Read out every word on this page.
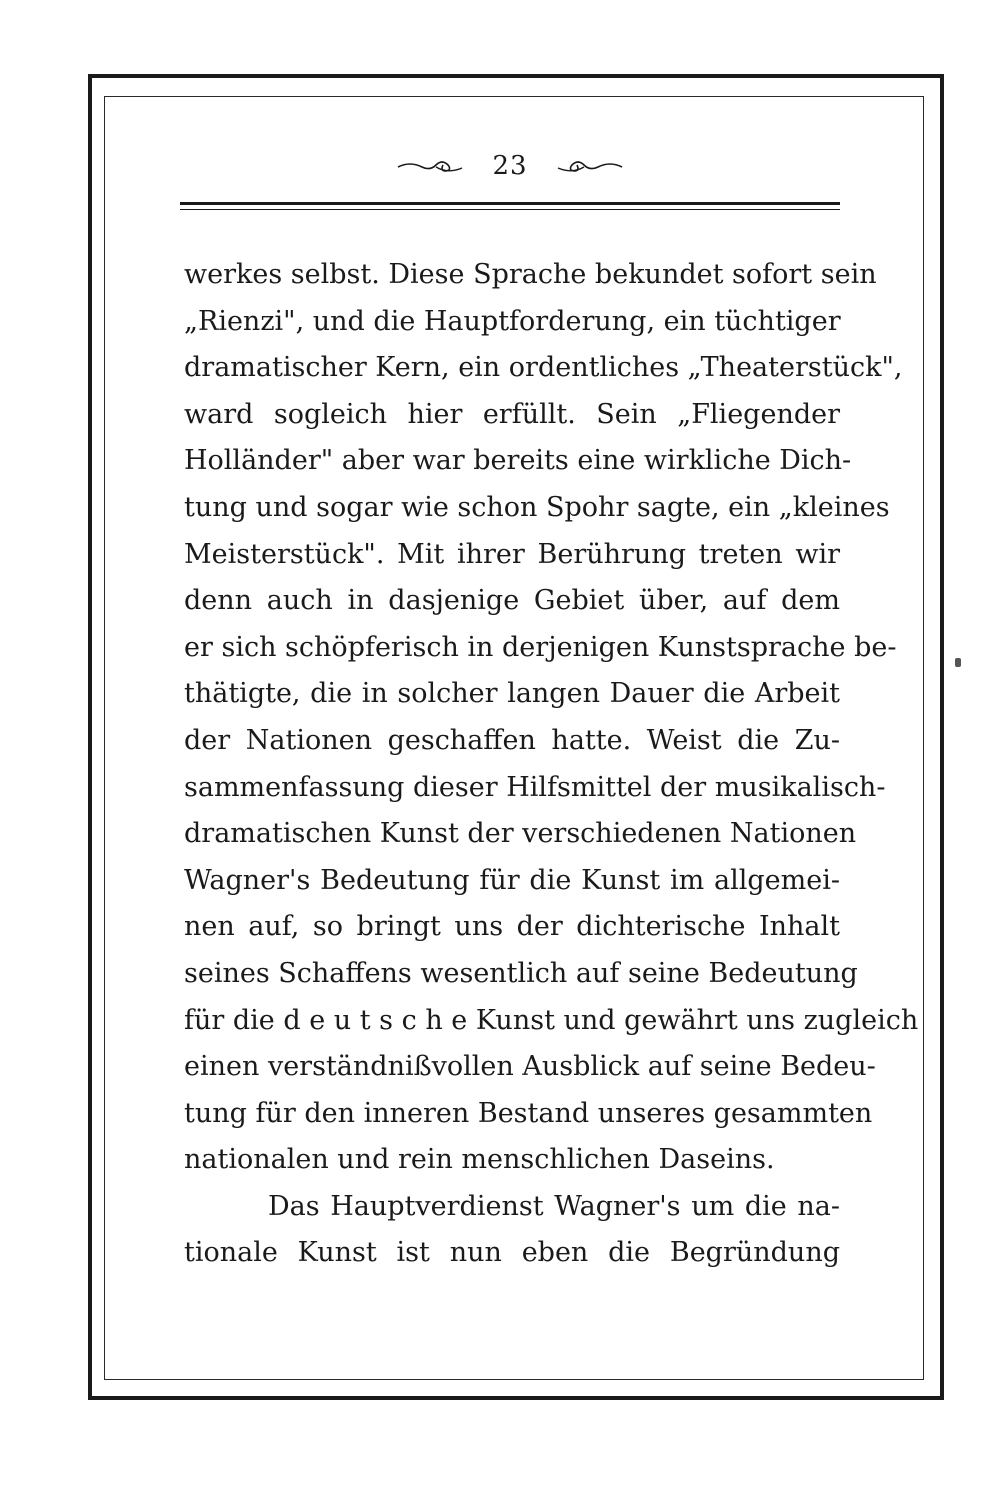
23
werkes selbst. Diese Sprache bekundet sofort sein
„Rienzi", und die Hauptforderung, ein tüchtiger
dramatischer Kern, ein ordentliches „Theaterstück",
ward sogleich hier erfüllt. Sein „Fliegender
Holländer" aber war bereits eine wirkliche Dich-
tung und sogar wie schon Spohr sagte, ein „kleines
Meisterstück". Mit ihrer Berührung treten wir
denn auch in dasjenige Gebiet über, auf dem
er sich schöpferisch in derjenigen Kunstsprache be-
thätigte, die in solcher langen Dauer die Arbeit
der Nationen geschaffen hatte. Weist die Zu-
sammenfassung dieser Hilfsmittel der musikalisch-
dramatischen Kunst der verschiedenen Nationen
Wagner's Bedeutung für die Kunst im allgemei-
nen auf, so bringt uns der dichterische Inhalt
seines Schaffens wesentlich auf seine Bedeutung
für die d e u t s c h e Kunst und gewährt uns zugleich
einen verständnißvollen Ausblick auf seine Bedeu-
tung für den inneren Bestand unseres gesammten
nationalen und rein menschlichen Daseins.
Das Hauptverdienst Wagner's um die na-
tionale Kunst ist nun eben die Begründung
